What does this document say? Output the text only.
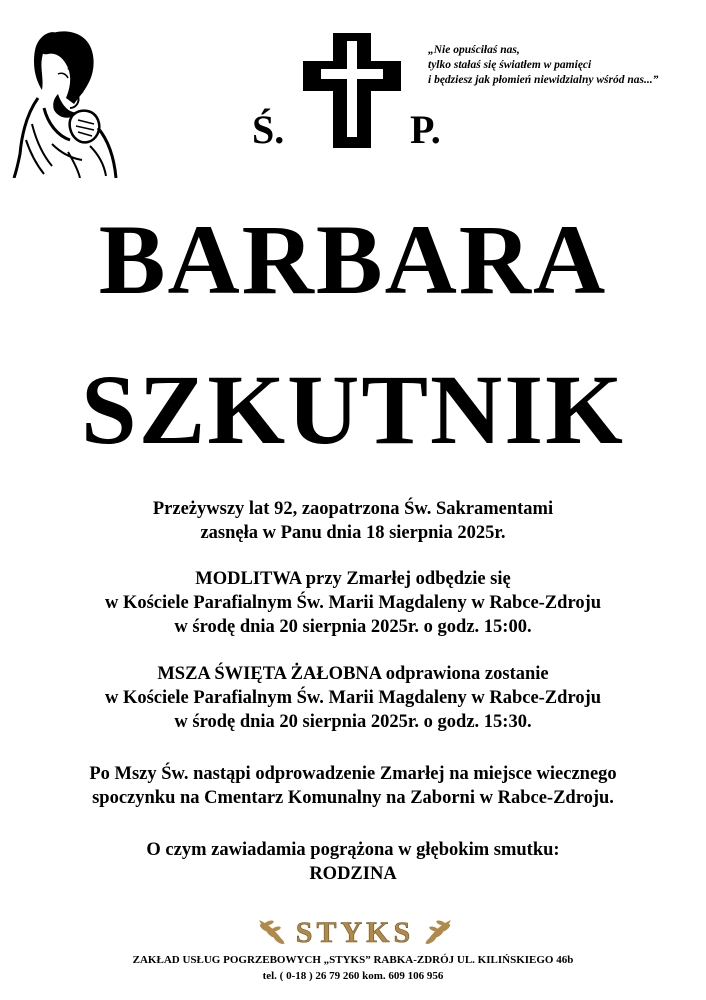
Ś.	P.
„Nie opuściłaś nas,
tylko stałaś się światłem w pamięci
i będziesz jak płomień niewidzialny wśród nas...”
BARBARA
SZKUTNIK
Przeżywszy lat 92, zaopatrzona Św. Sakramentami
zasnęła w Panu dnia 18 sierpnia 2025r.
MODLITWA przy Zmarłej odbędzie się
w Kościele Parafialnym Św. Marii Magdaleny w Rabce-Zdroju
w środę dnia 20 sierpnia 2025r. o godz. 15:00.
MSZA ŚWIĘTA ŻAŁOBNA odprawiona zostanie
w Kościele Parafialnym Św. Marii Magdaleny w Rabce-Zdroju
w środę dnia 20 sierpnia 2025r. o godz. 15:30.
Po Mszy Św. nastąpi odprowadzenie Zmarłej na miejsce wiecznego
spoczynku na Cmentarz Komunalny na Zaborni w Rabce-Zdroju.
O czym zawiadamia pogrążona w głębokim smutku:
RODZINA
STYKS
ZAKŁAD USŁUG POGRZEBOWYCH „STYKS” RABKA-ZDRÓJ UL. KILIŃSKIEGO 46b
tel. ( 0-18 ) 26 79 260 kom. 609 106 956
